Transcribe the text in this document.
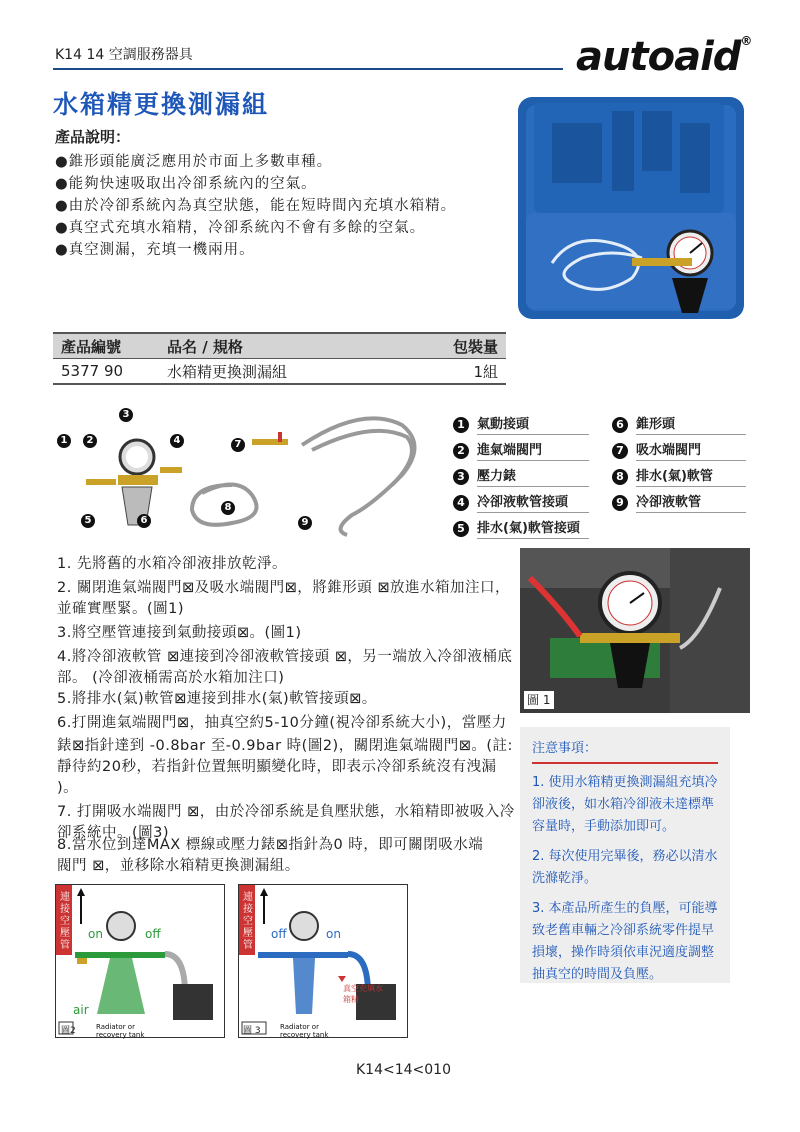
K14 14 空調服務器具	autoaid®
水箱精更換測漏組
產品說明：
●錐形頭能廣泛應用於市面上多數車種。
●能夠快速吸取出冷卻系統內的空氣。
●由於冷卻系統內為真空狀態，能在短時間內充填水箱精。
●真空式充填水箱精，冷卻系統內不會有多餘的空氣。
●真空測漏，充填一機兩用。
產品編號	品名 / 規格	包裝量
5377 90	水箱精更換測漏組	1組
3
1 2	4
5	6
7
8
9
1 氣動接頭
2 進氣端閥門
3 壓力錶
4 冷卻液軟管接頭
5 排水(氣)軟管接頭
6 錐形頭
7 吸水端閥門
8 排水(氣)軟管
9 冷卻液軟管
1. 先將舊的水箱冷卻液排放乾淨。
2. 關閉進氣端閥門⊠及吸水端閥門⊠，將錐形頭 ⊠放進水箱加注口，
並確實壓緊。(圖1)
3.將空壓管連接到氣動接頭⊠。(圖1)
4.將冷卻液軟管 ⊠連接到冷卻液軟管接頭 ⊠，另一端放入冷卻液桶底
部。 (冷卻液桶需高於水箱加注口)
5.將排水(氣)軟管⊠連接到排水(氣)軟管接頭⊠。
6.打開進氣端閥門⊠，抽真空約5-10分鐘(視冷卻系統大小)，當壓力
錶⊠指針達到 -0.8bar 至-0.9bar 時(圖2)，關閉進氣端閥門⊠。(註:
靜待約20秒，若指針位置無明顯變化時，即表示冷卻系統沒有洩漏
)。
7. 打開吸水端閥門 ⊠，由於冷卻系統是負壓狀態，水箱精即被吸入冷
卻系統中。(圖3)
8.當水位到達MAX 標線或壓力錶⊠指針為0 時，即可關閉吸水端
閥門 ⊠，並移除水箱精更換測漏組。
圖 1
注意事項：
1. 使用水箱精更換測漏組充填冷卻液後，如水箱冷卻液未達標準容量時，手動添加即可。
2. 每次使用完畢後，務必以清水洗滌乾淨。
3. 本產品所產生的負壓，可能導致老舊車輛之冷卻系統零件提早損壞，操作時須依車況適度調整抽真空的時間及負壓。
連接空壓管
on	off
air
Radiator or recovery tank
圖2
連接空壓管
off	on
真空充填水箱精
Radiator or recovery tank
圖 3
K14<14<010
